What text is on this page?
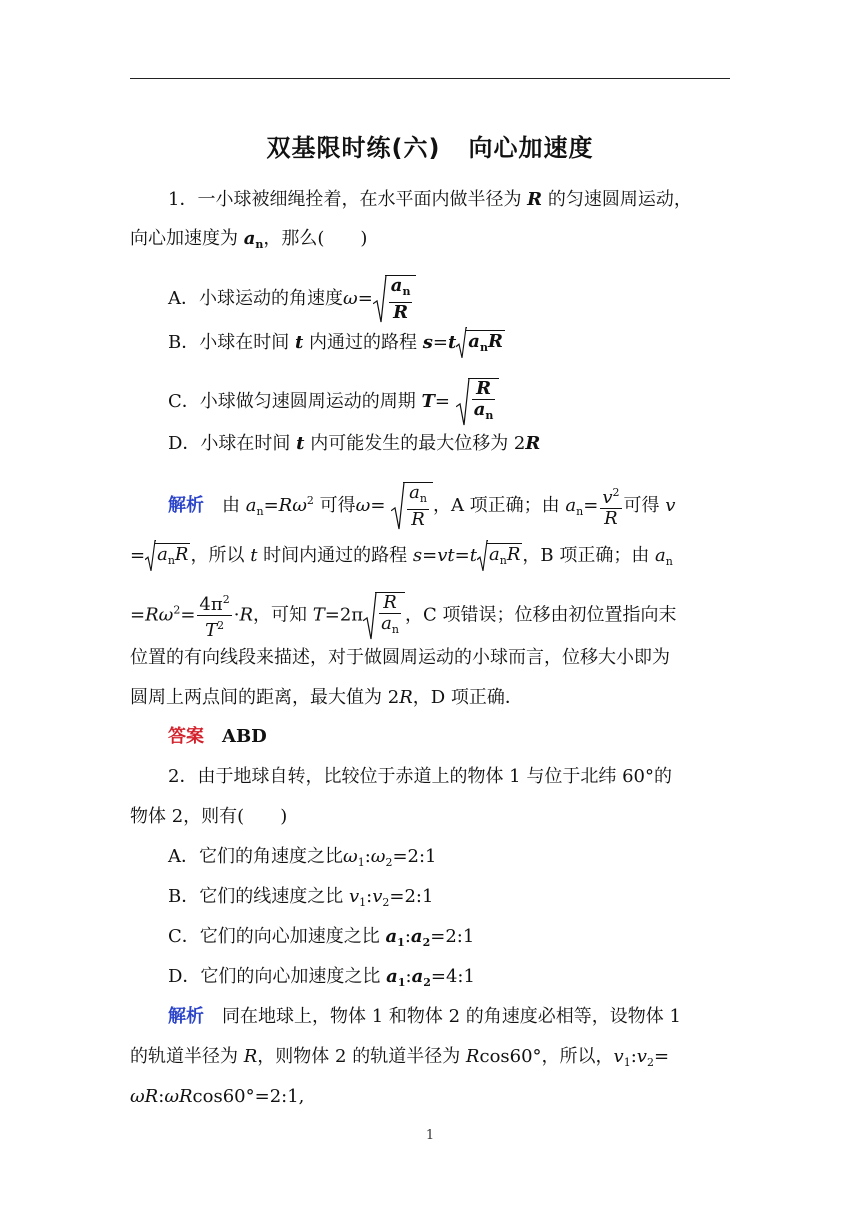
双基限时练(六) 向心加速度
1．一小球被细绳拴着，在水平面内做半径为 R 的匀速圆周运动，
向心加速度为 $a_n$，那么(　　)
A．小球运动的角速度$\omega= \frac{a_n}{R}$
B．小球在时间 t 内通过的路程 s=t $a_nR$
C．小球做匀速圆周运动的周期 $T= \frac{R}{a_n}$
D．小球在时间 t 内可能发生的最大位移为 2R
解析　 由 $a_n=R\omega^2$ 可得$\omega= \frac{a_n}{R}$ ，A 项正确；由 $a_n= \frac{v^2}{R}$ 可得 v
= $a_nR$ ，所以 t 时间内通过的路程 s=vt=t $a_nR$ ，B 项正确；由 $a_n$
$=R\omega^2= \frac{4\pi^2}{T^2} \cdot R$，可知 $T=2\pi \frac{R}{a_n}$ ，C 项错误；位移由初位置指向末
位置的有向线段来描述，对于做圆周运动的小球而言，位移大小即为
圆周上两点间的距离，最大值为 2R，D 项正确．
答案　 ABD
2．由于地球自转，比较位于赤道上的物体 1 与位于北纬 60°的
物体 2，则有(　　)
A．它们的角速度之比$\omega_1:\omega_2=2:1$
B．它们的线速度之比 $v_1:v_2=2:1$
C．它们的向心加速度之比 $a_1:a_2=2:1$
D．它们的向心加速度之比 $a_1:a_2=4:1$
解析　 同在地球上，物体 1 和物体 2 的角速度必相等，设物体 1
的轨道半径为 R，则物体 2 的轨道半径为 Rcos60°，所以，$v_1:v_2=$
ωR:ωRcos60°=2:1,
1
